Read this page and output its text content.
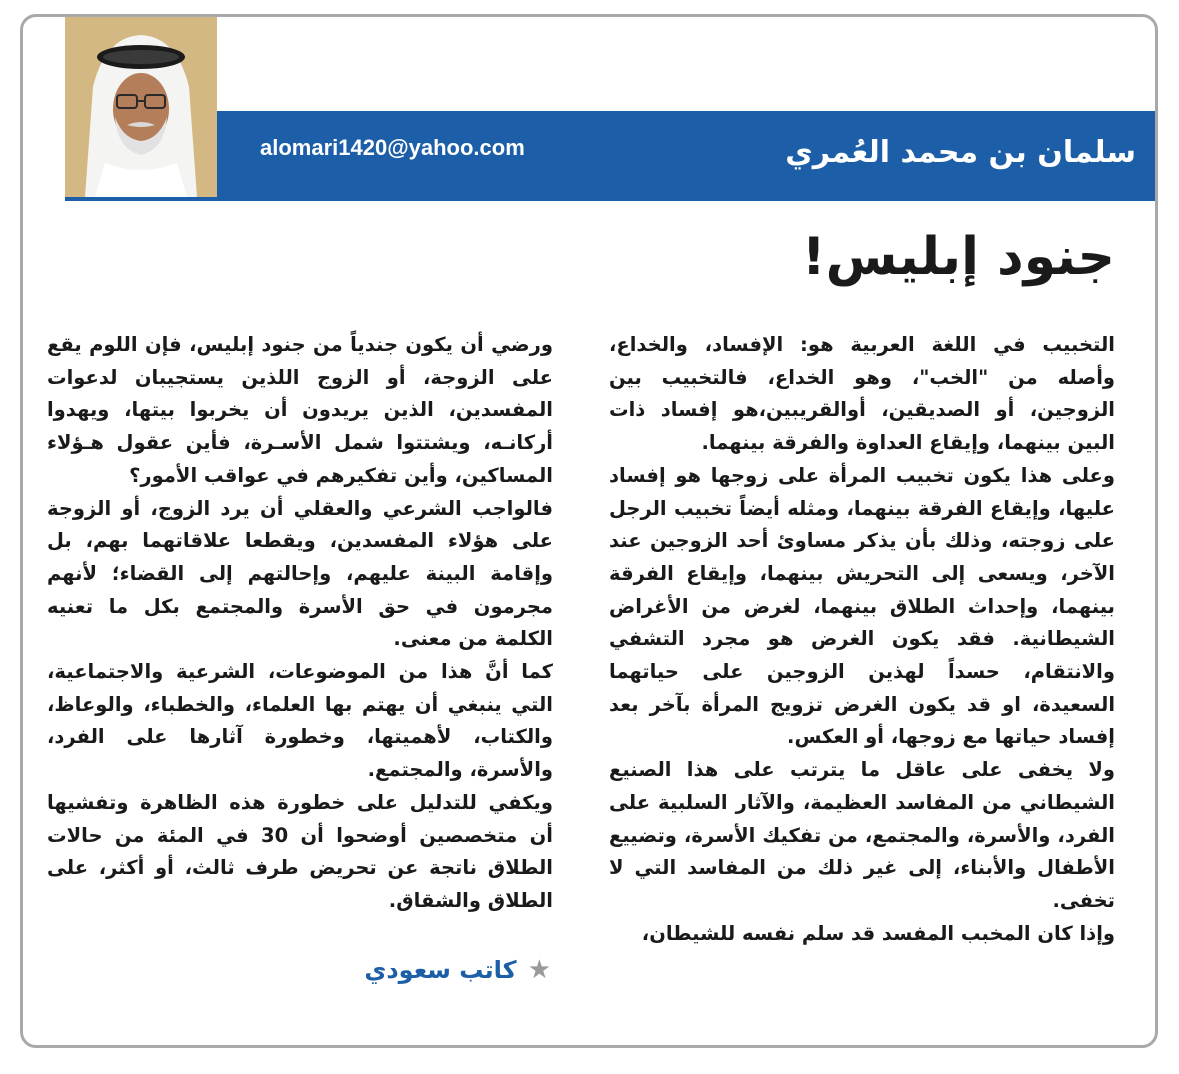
سلمان بن محمد العُمري
alomari1420@yahoo.com
جنود إبليس!

التخبيب في اللغة العربية هو: الإفساد، والخداع، وأصله من "الخب"، وهو الخداع، فالتخبيب بين الزوجين، أو الصديقين، أوالقريبين،هو إفساد ذات البين بينهما، وإيقاع العداوة والفرقة بينهما.

وعلى هذا يكون تخبيب المرأة على زوجها هو إفساد عليها، وإيقاع الفرقة بينهما، ومثله أيضاً تخبيب الرجل على زوجته، وذلك بأن يذكر مساوئ أحد الزوجين عند الآخر، ويسعى إلى التحريش بينهما، وإيقاع الفرقة بينهما، وإحداث الطلاق بينهما، لغرض من الأغراض الشيطانية. فقد يكون الغرض هو مجرد التشفي والانتقام، حسداً لهذين الزوجين على حياتهما السعيدة، او قد يكون الغرض تزويج المرأة بآخر بعد إفساد حياتها مع زوجها، أو العكس.

ولا يخفى على عاقل ما يترتب على هذا الصنيع الشيطاني من المفاسد العظيمة، والآثار السلبية على الفرد، والأسرة، والمجتمع، من تفكيك الأسرة، وتضييع الأطفال والأبناء، إلى غير ذلك من المفاسد التي لا تخفى.

وإذا كان المخبب المفسد قد سلم نفسه للشيطان،

ورضي أن يكون جندياً من جنود إبليس، فإن اللوم يقع على الزوجة، أو الزوج اللذين يستجيبان لدعوات المفسدين، الذين يريدون أن يخربوا بيتها، ويهدوا أركانـه، ويشتتوا شمل الأسـرة، فأين عقول هـؤلاء المساكين، وأين تفكيرهم في عواقب الأمور؟

فالواجب الشرعي والعقلي أن يرد الزوج، أو الزوجة على هؤلاء المفسدين، ويقطعا علاقاتهما بهم، بل وإقامة البينة عليهم، وإحالتهم إلى القضاء؛ لأنهم مجرمون في حق الأسرة والمجتمع بكل ما تعنيه الكلمة من معنى.

كما أنَّ هذا من الموضوعات، الشرعية والاجتماعية، التي ينبغي أن يهتم بها العلماء، والخطباء، والوعاظ، والكتاب، لأهميتها، وخطورة آثارها على الفرد، والأسرة، والمجتمع.

ويكفي للتدليل على خطورة هذه الظاهرة وتفشيها أن متخصصين أوضحوا أن 30 في المئة من حالات الطلاق ناتجة عن تحريض طرف ثالث، أو أكثر، على الطلاق والشقاق.

★ كاتب سعودي
